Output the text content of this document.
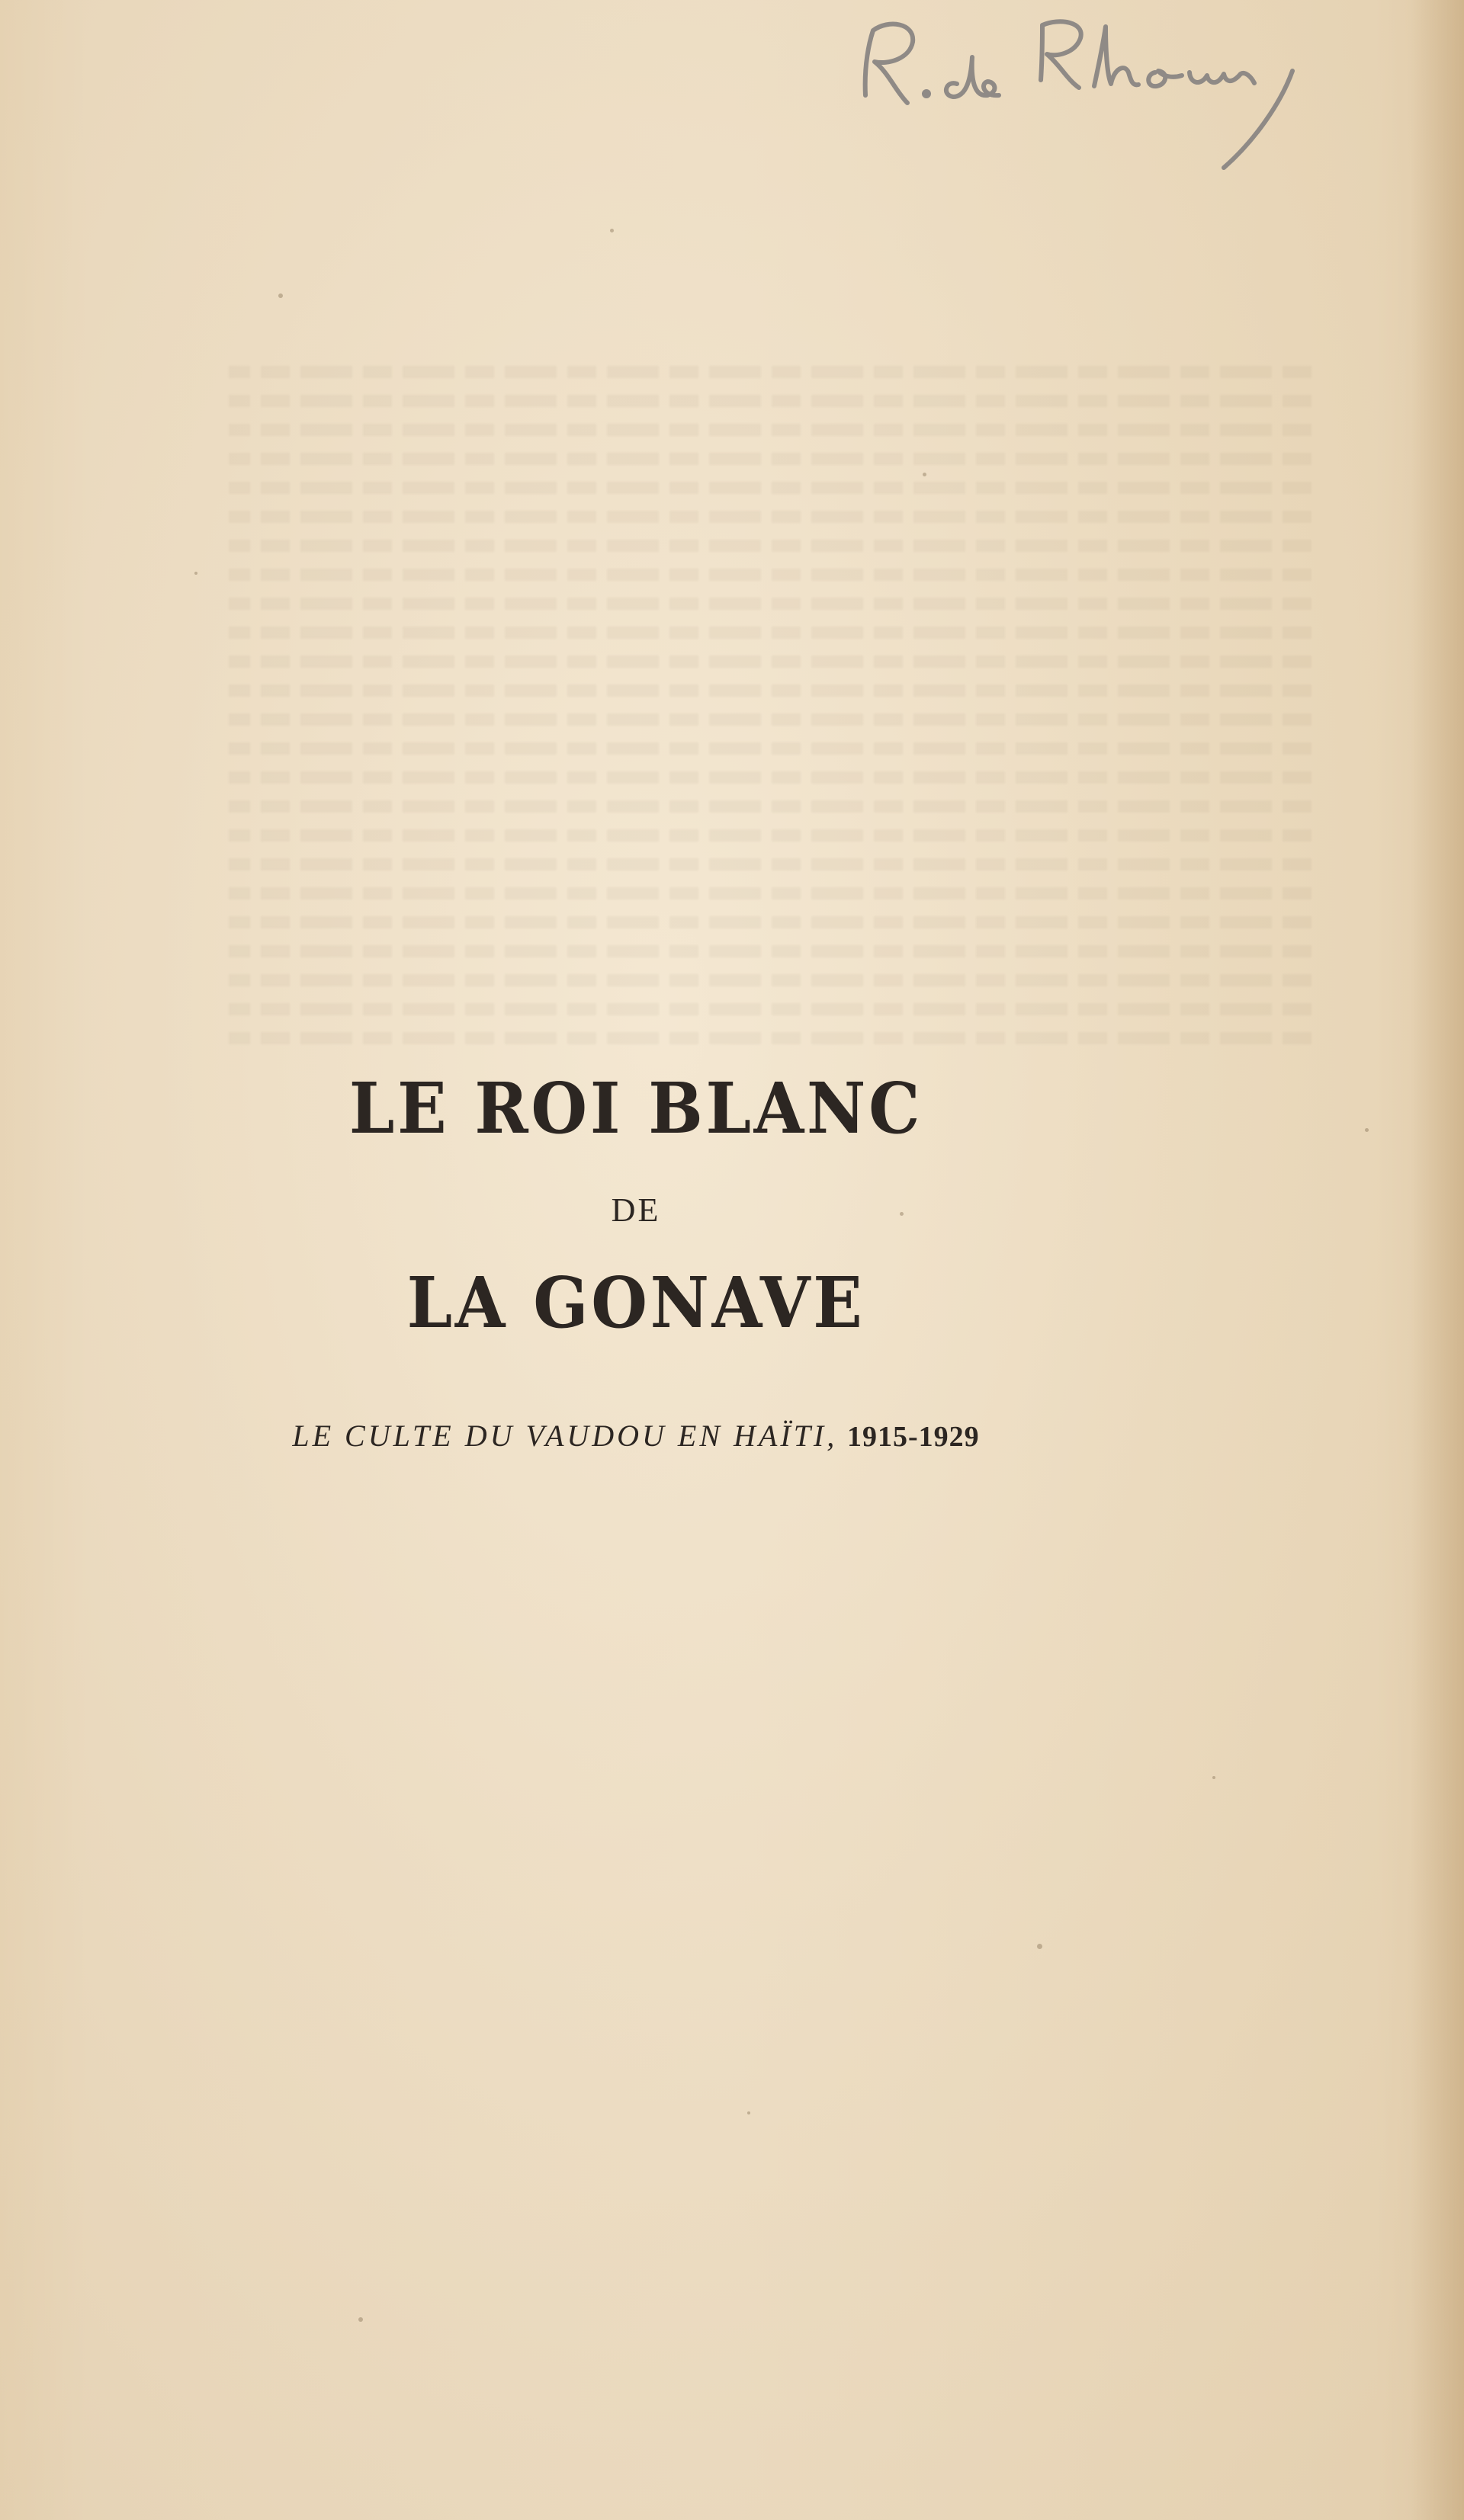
R. de Rhoun
LE ROI BLANC
DE
LA GONAVE
LE CULTE DU VAUDOU EN HAÏTI, 1915-1929
